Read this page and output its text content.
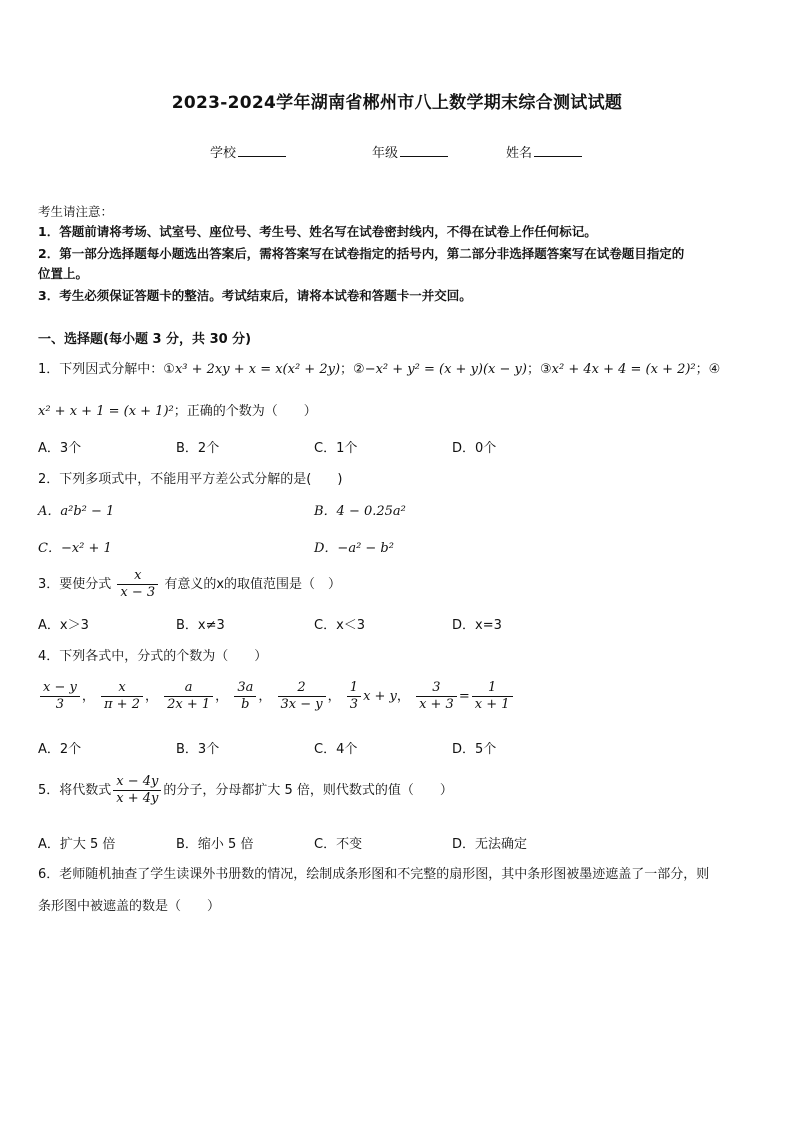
2023-2024学年湖南省郴州市八上数学期末综合测试试题
学校	年级	姓名
考生请注意：
1．答题前请将考场、试室号、座位号、考生号、姓名写在试卷密封线内，不得在试卷上作任何标记。
2．第一部分选择题每小题选出答案后，需将答案写在试卷指定的括号内，第二部分非选择题答案写在试卷题目指定的
位置上。
3．考生必须保证答题卡的整洁。考试结束后，请将本试卷和答题卡一并交回。
一、选择题(每小题 3 分，共 30 分)
1．下列因式分解中：①x³ + 2xy + x = x(x² + 2y)；②−x² + y² = (x + y)(x − y)；③x² + 4x + 4 = (x + 2)²；④
x² + x + 1 = (x + 1)²；正确的个数为（　　）
A．3个	B．2个	C．1个	D．0个
2．下列多项式中，不能用平方差公式分解的是(　　)
A．a²b² − 1	B．4 − 0.25a²
C．−x² + 1	D．−a² − b²
3．要使分式 $\frac{x}{x - 3}$ 有意义的x的取值范围是（　）
A．x＞3	B．x≠3	C．x＜3	D．x=3
4．下列各式中，分式的个数为（　　）
$\frac{x - y}{3}$ ， $\frac{x}{\pi + 2}$ ， $\frac{a}{2x + 1}$ ， $\frac{3a}{b}$ ， $\frac{2}{3x - y}$ ， $\frac{1}{3}$ x + y， $\frac{3}{x + 3} = \frac{1}{x + 1}$
A．2个	B．3个	C．4个	D．5个
5．将代数式 $\frac{x - 4y}{x + 4y}$ 的分子，分母都扩大 5 倍，则代数式的值（　　）
A．扩大 5 倍	B．缩小 5 倍	C．不变	D．无法确定
6．老师随机抽查了学生读课外书册数的情况，绘制成条形图和不完整的扇形图，其中条形图被墨迹遮盖了一部分，则
条形图中被遮盖的数是（　　）
